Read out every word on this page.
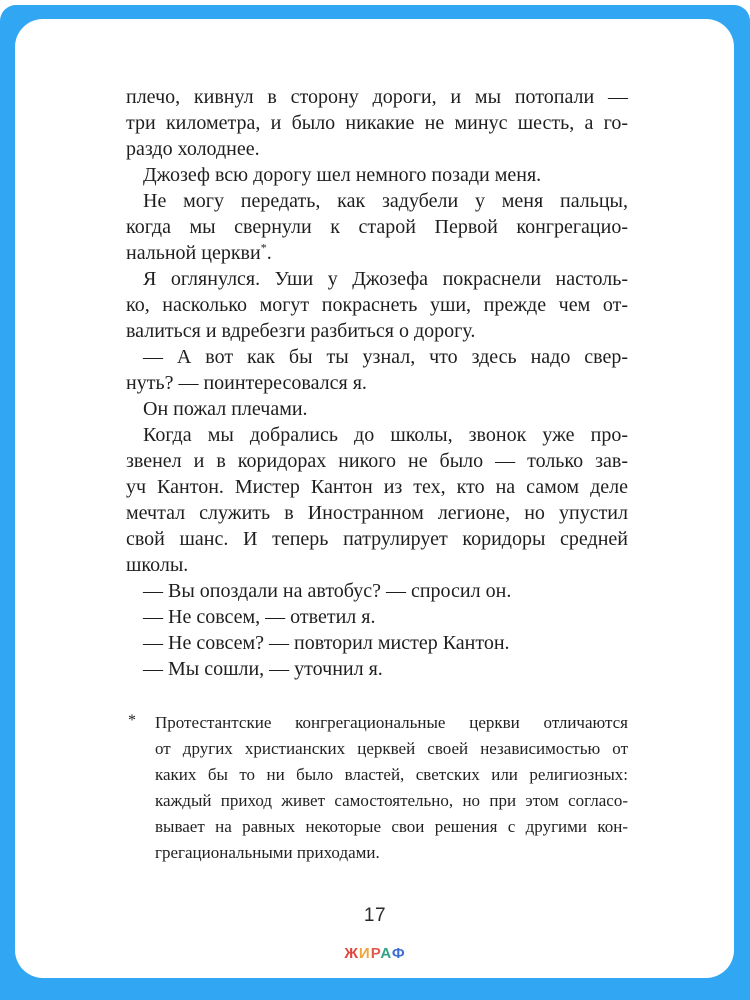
плечо, кивнул в сторону дороги, и мы потопали —
три километра, и было никакие не минус шесть, а го-
раздо холоднее.
Джозеф всю дорогу шел немного позади меня.
Не могу передать, как задубели у меня пальцы,
когда мы свернули к старой Первой конгрегацио-
нальной церкви*.
Я оглянулся. Уши у Джозефа покраснели настоль-
ко, насколько могут покраснеть уши, прежде чем от-
валиться и вдребезги разбиться о дорогу.
— А вот как бы ты узнал, что здесь надо свер-
нуть? — поинтересовался я.
Он пожал плечами.
Когда мы добрались до школы, звонок уже про-
звенел и в коридорах никого не было — только зав-
уч Кантон. Мистер Кантон из тех, кто на самом деле
мечтал служить в Иностранном легионе, но упустил
свой шанс. И теперь патрулирует коридоры средней
школы.
— Вы опоздали на автобус? — спросил он.
— Не совсем, — ответил я.
— Не совсем? — повторил мистер Кантон.
— Мы сошли, — уточнил я.
* Протестантские конгрегациональные церкви отличаются
от других христианских церквей своей независимостью от
каких бы то ни было властей, светских или религиозных:
каждый приход живет самостоятельно, но при этом согласо-
вывает на равных некоторые свои решения с другими кон-
грегациональными приходами.
17
ЖИРАФ
